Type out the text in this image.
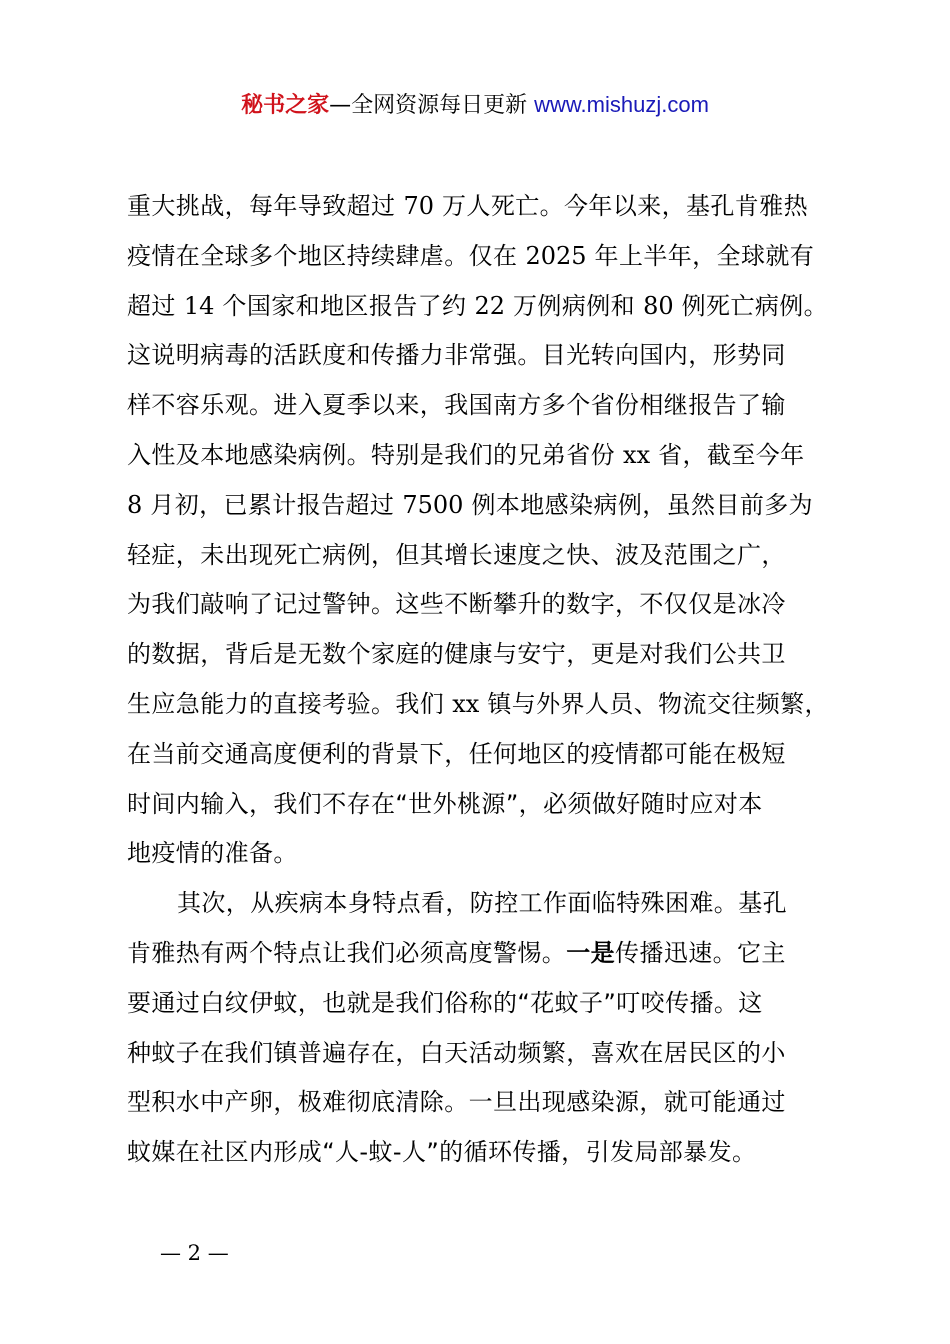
秘书之家—全网资源每日更新 www.mishuzj.com
重大挑战，每年导致超过 70 万人死亡。今年以来，基孔肯雅热
疫情在全球多个地区持续肆虐。仅在 2025 年上半年，全球就有
超过 14 个国家和地区报告了约 22 万例病例和 80 例死亡病例。
这说明病毒的活跃度和传播力非常强。目光转向国内，形势同
样不容乐观。进入夏季以来，我国南方多个省份相继报告了输
入性及本地感染病例。特别是我们的兄弟省份 xx 省，截至今年
8 月初，已累计报告超过 7500 例本地感染病例，虽然目前多为
轻症，未出现死亡病例，但其增长速度之快、波及范围之广，
为我们敲响了记过警钟。这些不断攀升的数字，不仅仅是冰冷
的数据，背后是无数个家庭的健康与安宁，更是对我们公共卫
生应急能力的直接考验。我们 xx 镇与外界人员、物流交往频繁，
在当前交通高度便利的背景下，任何地区的疫情都可能在极短
时间内输入，我们不存在“世外桃源”，必须做好随时应对本
地疫情的准备。
其次，从疾病本身特点看，防控工作面临特殊困难。基孔
肯雅热有两个特点让我们必须高度警惕。一是传播迅速。它主
要通过白纹伊蚊，也就是我们俗称的“花蚊子”叮咬传播。这
种蚊子在我们镇普遍存在，白天活动频繁，喜欢在居民区的小
型积水中产卵，极难彻底清除。一旦出现感染源，就可能通过
蚊媒在社区内形成“人-蚊-人”的循环传播，引发局部暴发。
— 2 —
